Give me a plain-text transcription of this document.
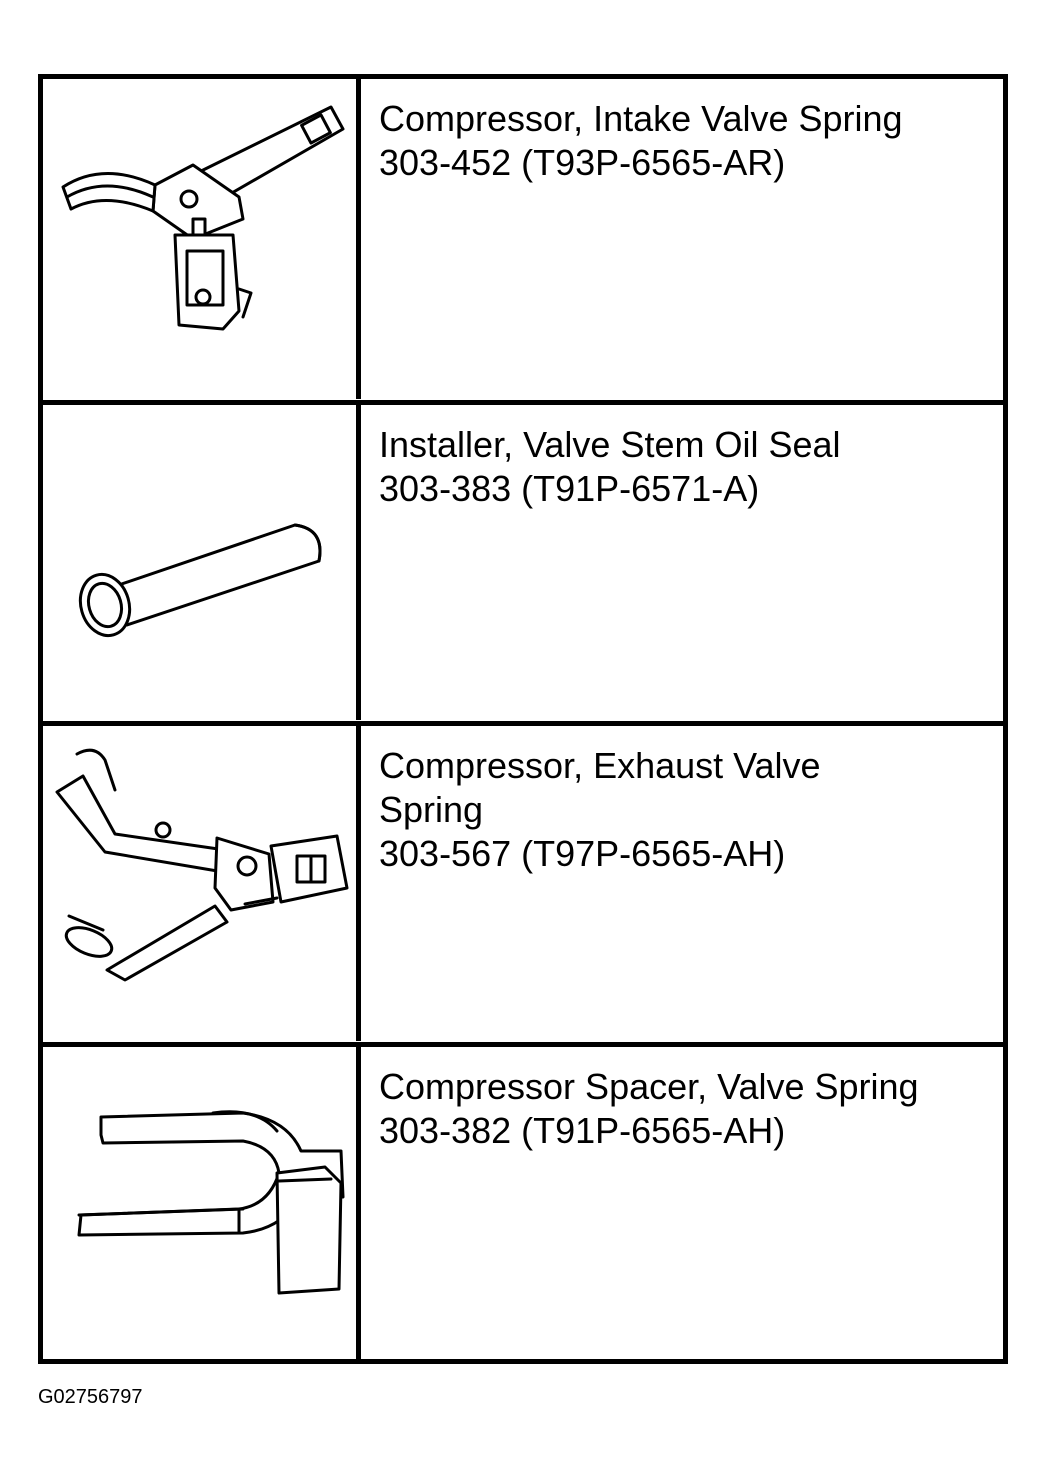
Compressor, Intake Valve Spring
303-452 (T93P-6565-AR)
Installer, Valve Stem Oil Seal
303-383 (T91P-6571-A)
Compressor, Exhaust Valve
Spring
303-567 (T97P-6565-AH)
Compressor Spacer, Valve Spring
303-382 (T91P-6565-AH)
G02756797
